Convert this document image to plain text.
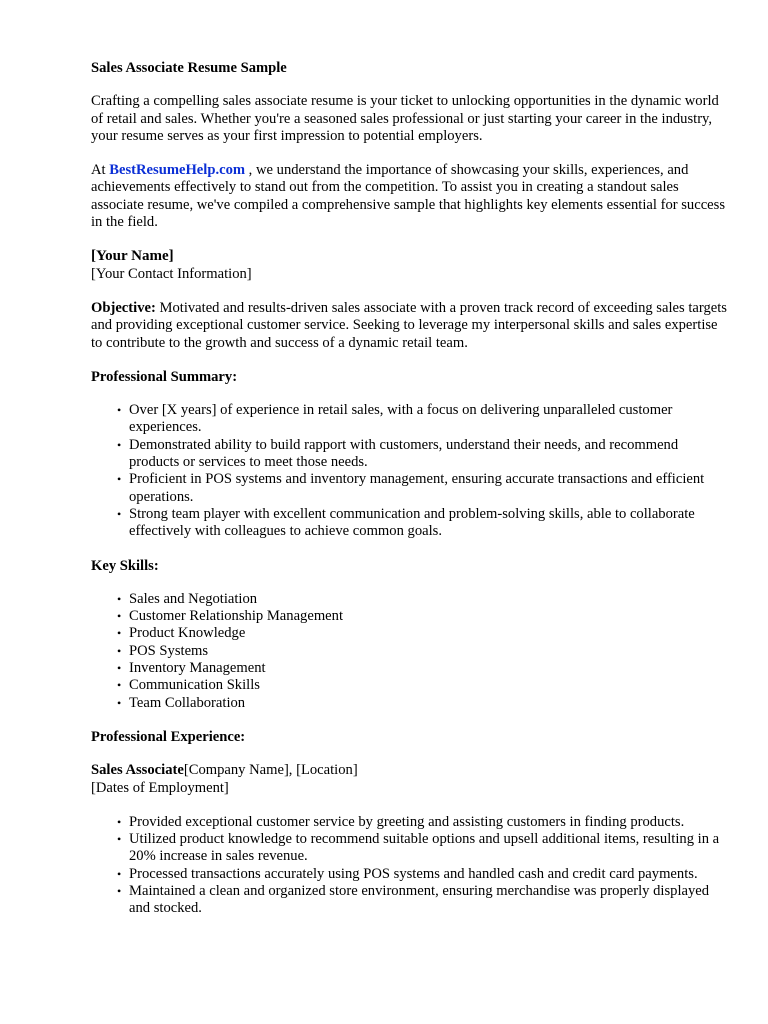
Sales Associate Resume Sample

Crafting a compelling sales associate resume is your ticket to unlocking opportunities in the dynamic world of retail and sales. Whether you're a seasoned sales professional or just starting your career in the industry, your resume serves as your first impression to potential employers.

At BestResumeHelp.com , we understand the importance of showcasing your skills, experiences, and achievements effectively to stand out from the competition. To assist you in creating a standout sales associate resume, we've compiled a comprehensive sample that highlights key elements essential for success in the field.

[Your Name]
[Your Contact Information]

Objective: Motivated and results-driven sales associate with a proven track record of exceeding sales targets and providing exceptional customer service. Seeking to leverage my interpersonal skills and sales expertise to contribute to the growth and success of a dynamic retail team.

Professional Summary:
• Over [X years] of experience in retail sales, with a focus on delivering unparalleled customer experiences.
• Demonstrated ability to build rapport with customers, understand their needs, and recommend products or services to meet those needs.
• Proficient in POS systems and inventory management, ensuring accurate transactions and efficient operations.
• Strong team player with excellent communication and problem-solving skills, able to collaborate effectively with colleagues to achieve common goals.
Key Skills:
• Sales and Negotiation
• Customer Relationship Management
• Product Knowledge
• POS Systems
• Inventory Management
• Communication Skills
• Team Collaboration
Professional Experience:
Sales Associate[Company Name], [Location]
[Dates of Employment]
• Provided exceptional customer service by greeting and assisting customers in finding products.
• Utilized product knowledge to recommend suitable options and upsell additional items, resulting in a 20% increase in sales revenue.
• Processed transactions accurately using POS systems and handled cash and credit card payments.
• Maintained a clean and organized store environment, ensuring merchandise was properly displayed and stocked.
